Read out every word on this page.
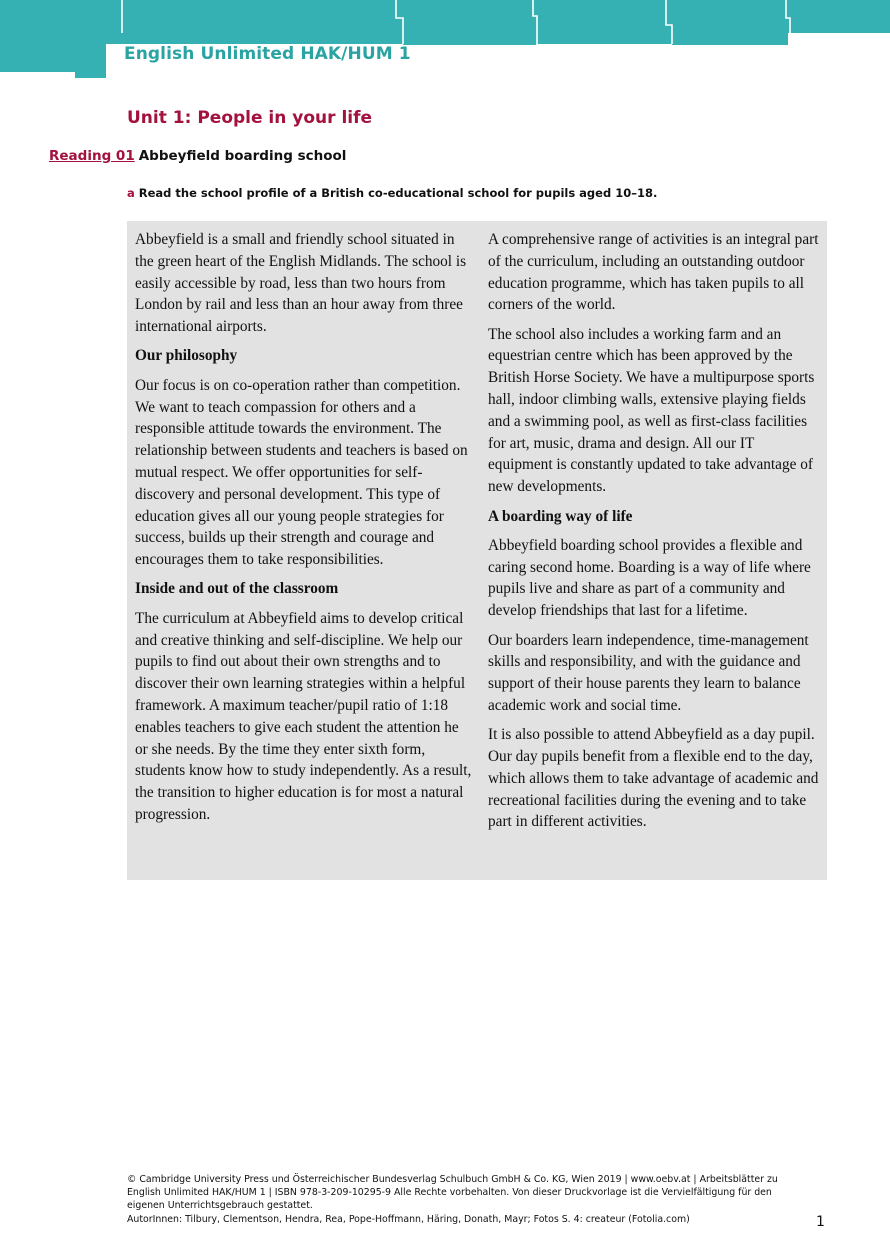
English Unlimited HAK/HUM 1
Unit 1: People in your life
Reading 01 Abbeyfield boarding school
a Read the school profile of a British co-educational school for pupils aged 10–18.

Abbeyfield is a small and friendly school situated in the green heart of the English Midlands. The school is easily accessible by road, less than two hours from London by rail and less than an hour away from three international airports.

Our philosophy

Our focus is on co-operation rather than competition. We want to teach compassion for others and a responsible attitude towards the environment. The relationship between students and teachers is based on mutual respect. We offer opportunities for self-discovery and personal development. This type of education gives all our young people strategies for success, builds up their strength and courage and encourages them to take responsibilities.

Inside and out of the classroom

The curriculum at Abbeyfield aims to develop critical and creative thinking and self-discipline. We help our pupils to find out about their own strengths and to discover their own learning strategies within a helpful framework. A maximum teacher/pupil ratio of 1:18 enables teachers to give each student the attention he or she needs. By the time they enter sixth form, students know how to study independently. As a result, the transition to higher education is for most a natural progression.

A comprehensive range of activities is an integral part of the curriculum, including an outstanding outdoor education programme, which has taken pupils to all corners of the world.

The school also includes a working farm and an equestrian centre which has been approved by the British Horse Society. We have a multipurpose sports hall, indoor climbing walls, extensive playing fields and a swimming pool, as well as first-class facilities for art, music, drama and design. All our IT equipment is constantly updated to take advantage of new developments.

A boarding way of life

Abbeyfield boarding school provides a flexible and caring second home. Boarding is a way of life where pupils live and share as part of a community and develop friendships that last for a lifetime.

Our boarders learn independence, time-management skills and responsibility, and with the guidance and support of their house parents they learn to balance academic work and social time.

It is also possible to attend Abbeyfield as a day pupil. Our day pupils benefit from a flexible end to the day, which allows them to take advantage of academic and recreational facilities during the evening and to take part in different activities.

© Cambridge University Press und Österreichischer Bundesverlag Schulbuch GmbH & Co. KG, Wien 2019 | www.oebv.at | Arbeitsblätter zu
English Unlimited HAK/HUM 1 | ISBN 978-3-209-10295-9 Alle Rechte vorbehalten. Von dieser Druckvorlage ist die Vervielfältigung für den
eigenen Unterrichtsgebrauch gestattet.
AutorInnen: Tilbury, Clementson, Hendra, Rea, Pope-Hoffmann, Häring, Donath, Mayr; Fotos S. 4: createur (Fotolia.com)	1
